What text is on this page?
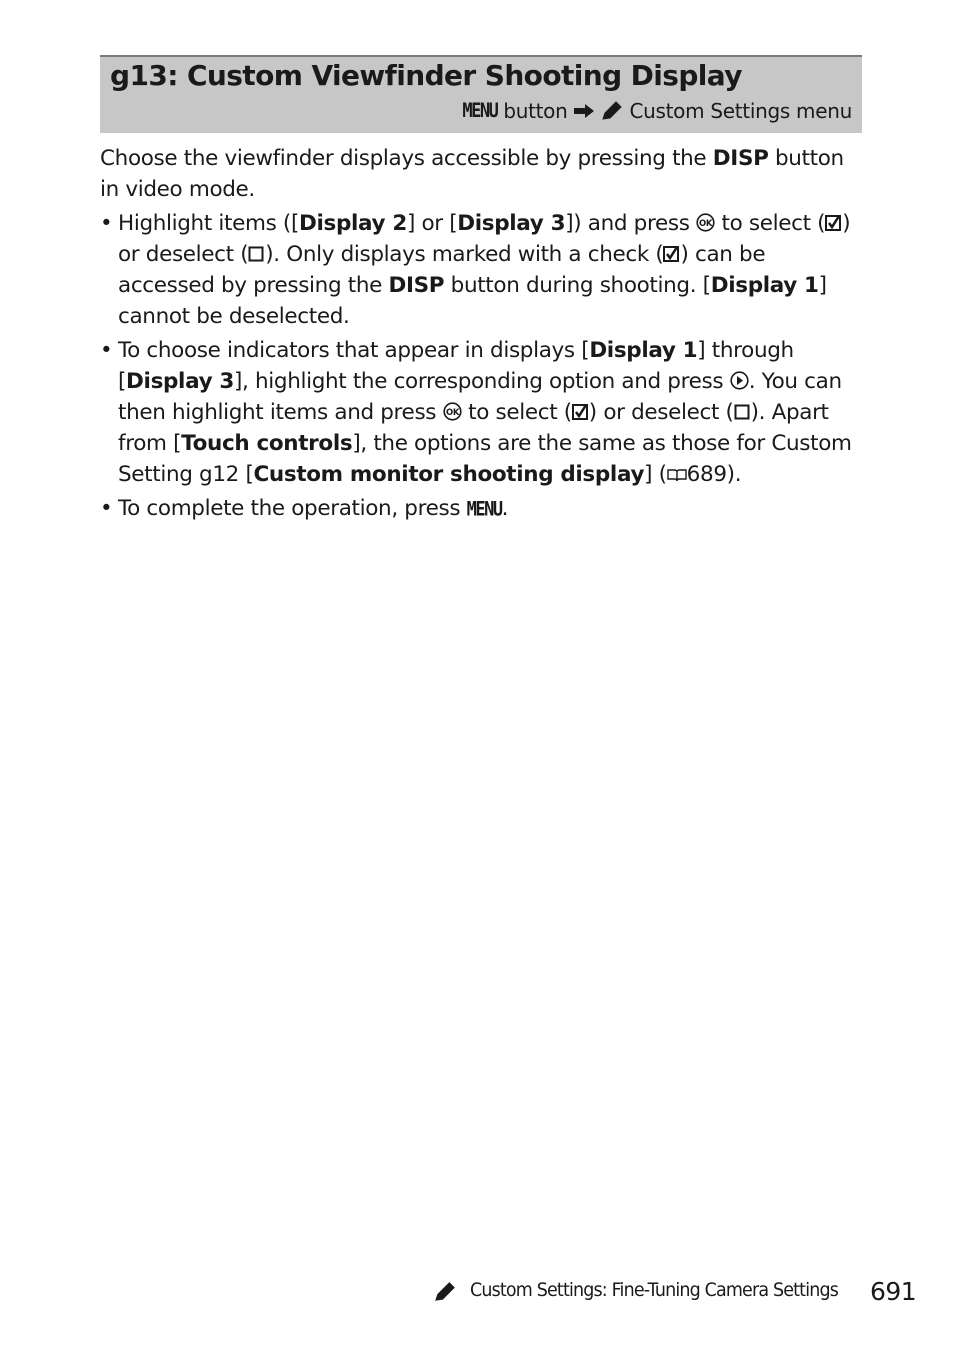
g13: Custom Viewfinder Shooting Display
MENU button	Custom Settings menu

Choose the viewfinder displays accessible by pressing the DISP button in video mode.

• Highlight items ([Display 2] or [Display 3]) and press OK to select ( ) or deselect ( ). Only displays marked with a check ( ) can be accessed by pressing the DISP button during shooting. [Display 1] cannot be deselected.

• To choose indicators that appear in displays [Display 1] through [Display 3], highlight the corresponding option and press
. You can then highlight items and press OK to select ( ) or deselect ( ). Apart from [Touch controls], the options are the same as those for Custom Setting g12 [Custom monitor shooting display] ( 689).

• To complete the operation, press MENU.

Custom Settings: Fine-Tuning Camera Settings 691
